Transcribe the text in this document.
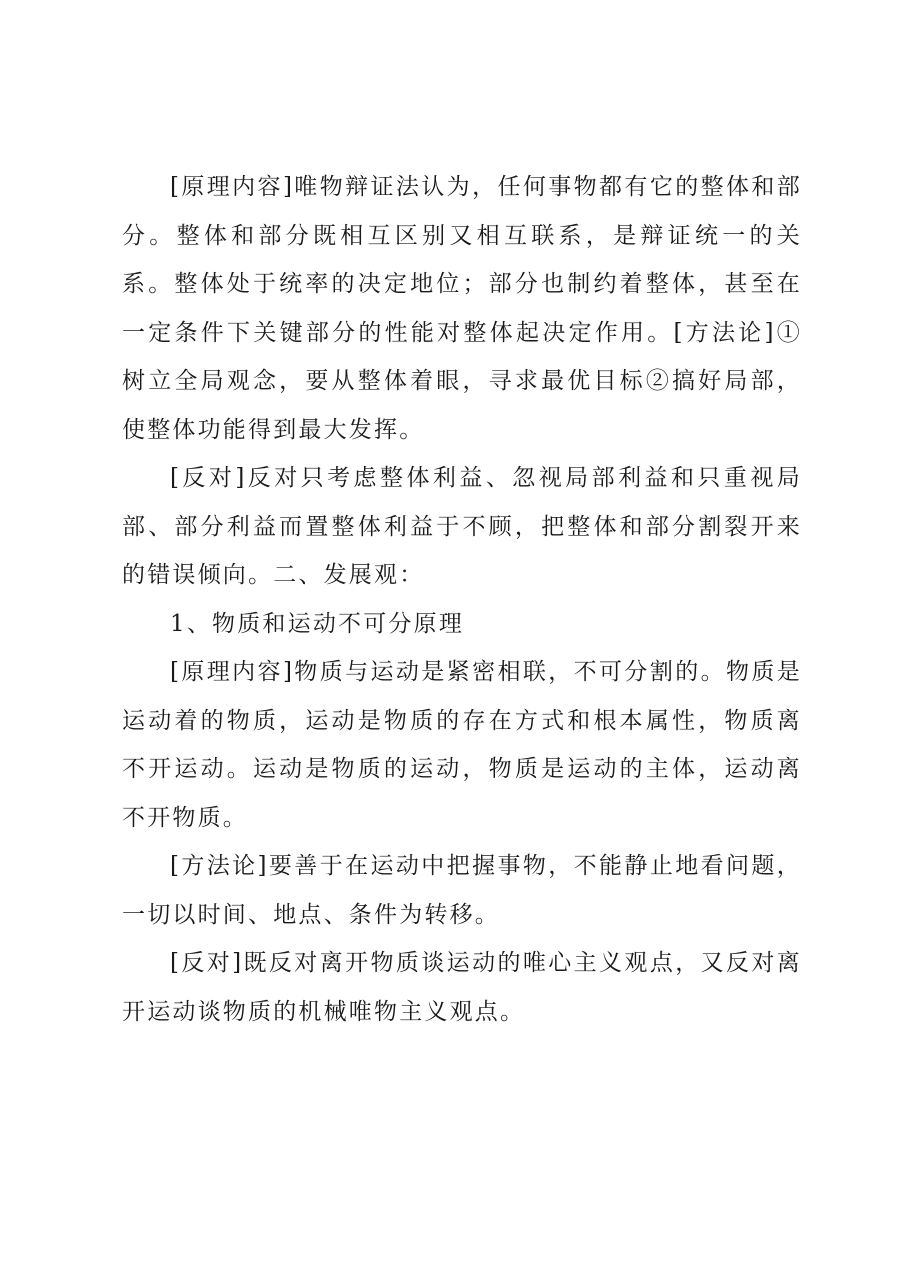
[原理内容]唯物辩证法认为，任何事物都有它的整体和部分。整体和部分既相互区别又相互联系，是辩证统一的关系。整体处于统率的决定地位；部分也制约着整体，甚至在一定条件下关键部分的性能对整体起决定作用。[方法论]① 树立全局观念，要从整体着眼，寻求最优目标②搞好局部，使整体功能得到最大发挥。

[反对]反对只考虑整体利益、忽视局部利益和只重视局部、部分利益而置整体利益于不顾，把整体和部分割裂开来的错误倾向。二、发展观：

1、物质和运动不可分原理

[原理内容]物质与运动是紧密相联，不可分割的。物质是运动着的物质，运动是物质的存在方式和根本属性，物质离不开运动。运动是物质的运动，物质是运动的主体，运动离不开物质。

[方法论]要善于在运动中把握事物，不能静止地看问题，一切以时间、地点、条件为转移。

[反对]既反对离开物质谈运动的唯心主义观点，又反对离开运动谈物质的机械唯物主义观点。
